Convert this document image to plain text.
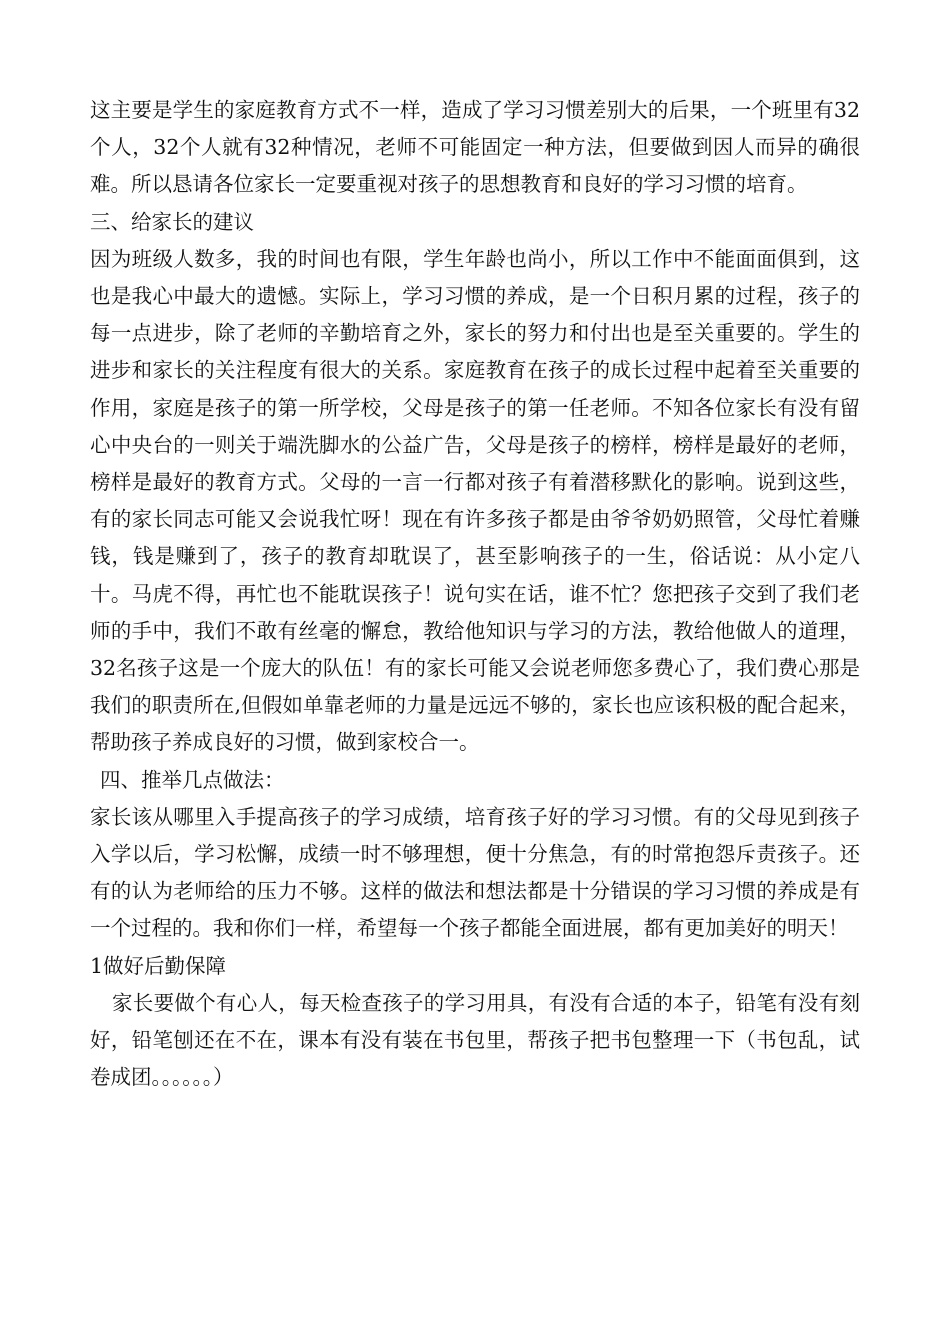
这主要是学生的家庭教育方式不一样，造成了学习习惯差别大的后果，一个班里有32个人，32个人就有32种情况，老师不可能固定一种方法，但要做到因人而异的确很难。所以恳请各位家长一定要重视对孩子的思想教育和良好的学习习惯的培育。

三、给家长的建议

因为班级人数多，我的时间也有限，学生年龄也尚小，所以工作中不能面面俱到，这也是我心中最大的遗憾。实际上，学习习惯的养成，是一个日积月累的过程，孩子的每一点进步，除了老师的辛勤培育之外，家长的努力和付出也是至关重要的。学生的进步和家长的关注程度有很大的关系。家庭教育在孩子的成长过程中起着至关重要的作用，家庭是孩子的第一所学校，父母是孩子的第一任老师。不知各位家长有没有留心中央台的一则关于端洗脚水的公益广告，父母是孩子的榜样，榜样是最好的老师，榜样是最好的教育方式。父母的一言一行都对孩子有着潜移默化的影响。说到这些，有的家长同志可能又会说我忙呀！现在有许多孩子都是由爷爷奶奶照管，父母忙着赚钱，钱是赚到了，孩子的教育却耽误了，甚至影响孩子的一生，俗话说：从小定八十。马虎不得，再忙也不能耽误孩子！说句实在话，谁不忙？您把孩子交到了我们老师的手中，我们不敢有丝毫的懈怠，教给他知识与学习的方法，教给他做人的道理，32名孩子这是一个庞大的队伍！有的家长可能又会说老师您多费心了，我们费心那是我们的职责所在,但假如单靠老师的力量是远远不够的，家长也应该积极的配合起来，帮助孩子养成良好的习惯，做到家校合一。

四、推举几点做法：

家长该从哪里入手提高孩子的学习成绩，培育孩子好的学习习惯。有的父母见到孩子入学以后，学习松懈，成绩一时不够理想，便十分焦急，有的时常抱怨斥责孩子。还有的认为老师给的压力不够。这样的做法和想法都是十分错误的学习习惯的养成是有一个过程的。我和你们一样，希望每一个孩子都能全面进展，都有更加美好的明天！

1做好后勤保障

家长要做个有心人，每天检查孩子的学习用具，有没有合适的本子，铅笔有没有刻好，铅笔刨还在不在，课本有没有装在书包里，帮孩子把书包整理一下（书包乱，试卷成团。。。。。。）
